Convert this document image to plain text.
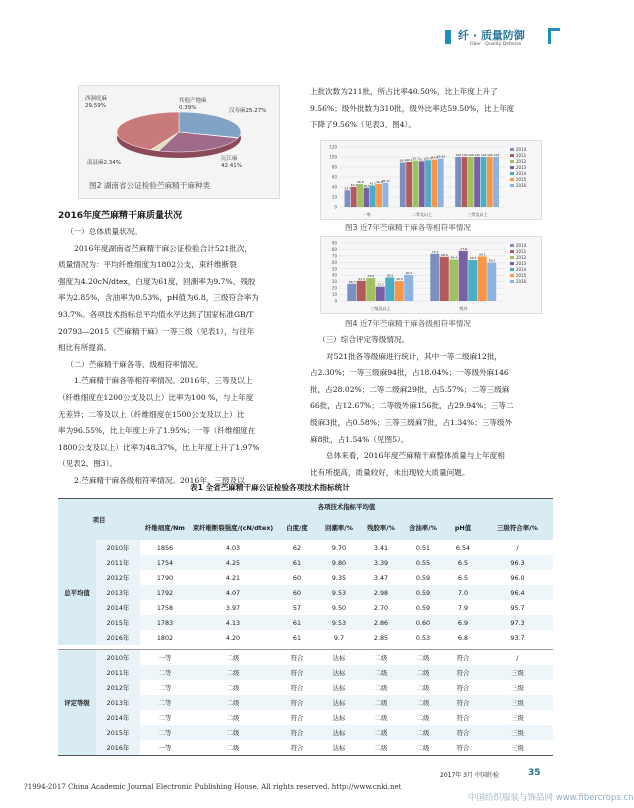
纤 · 质量防御
Fiber · Quality Defense
西洞庭麻
29.59%
其他产地麻
0.39%	汉寿麻25.27%
南县麻2.34%
沅江麻
42.41%
图2 湖南省公证检验苎麻精干麻种类
2016年度苎麻精干麻质量状况

（一）总体质量状况。

2016年度湖南省苎麻精干麻公证检验合计521批次，

质量情况为：平均纤维细度为1802公支，束纤维断裂

强度为4.20cN/dtex，白度为61度，回潮率为9.7%，残胶

率为2.85%，含油率为0.53%，pH值为6.8，三级符合率为

93.7%。各项技术指标总平均值水平达到了国家标准GB/T

20793—2015《苎麻精干麻》一等三级（见表1），与往年

相比有所提高。

（二）苎麻精干麻各等、级相符率情况。

1.苎麻精干麻各等相符率情况。2016年，三等及以上

（纤维细度在1200公支及以上）比率为100 %，与上年度

无差异；二等及以上（纤维细度在1500公支及以上）比

率为96.55%，比上年度上升了1.95%；一等（纤维细度在

1800公支及以上）比率为48.37%，比上年度上升了1.97%

（见表2、图3）。

2.苎麻精干麻各级相符率情况。2016年，三级及以

上批次数为211批，所占比率40.50%，比上年度上升了

9.56%；级外批数为310批，级外比率达59.50%，比上年度

下降了9.56%（见表3、图4）。

0
20
40
60
80
100
120
33.4
40.2
45.8
38.5
43.1 46.4
48.37
一等
88.9 90.1 92.7 91.3 93.4 94.6
96.55
二等及以上
100 100 100 100 100 100 100
三等及以上
2010
2011
2012
2013
2014
2015
2016
图3 近7年苎麻精干麻各等相符率情况
0
10
20
30
40
50
60
70
80
90
26.7
31.4
35.6
22.2
36.5
30.9
40.5
三级及以上
73.3
68.6
64.4
77.8
63.5
69.1
59.5
级外
2010
2011
2012
2013
2014
2015
2016
图4 近7年苎麻精干麻各级相符率情况

（三）综合评定等级情况。

对521批各等级麻进行统计，其中一等二级麻12批，

占2.30%；一等三级麻94批，占18.04%；一等级外麻146

批，占28.02%；二等二级麻29批，占5.57%；二等三级麻

66批，占12.67%；二等级外麻156批，占29.94%；三等二

级麻3批，占0.58%；三等三级麻7批，占1.34%；三等级外

麻8批，占1.54%（见图5）。

总体来看，2016年度苎麻精干麻整体质量与上年度相

比有所提高，质量较好，未出现较大质量问题。

表1 全省苎麻精干麻公证检验各项技术指标统计
项目		各项技术指标平均值							
		纤维细度/Nm	束纤维断裂强度/(cN/dtex)	白度/度	回潮率/%	残胶率/%	含油率/%	pH值	三级符合率/%
总平均值	2010年	1856	4.03	62	9.70	3.41	0.51	6.54	/
	2011年	1754	4.25	61	9.80	3.39	0.55	6.5	96.3
	2012年	1790	4.21	60	9.35	3.47	0.59	6.5	96.0
	2013年	1792	4.07	60	9.53	2.98	0.59	7.0	96.4
	2014年	1758	3.97	57	9.50	2.70	0.59	7.9	95.7
	2015年	1783	4.13	61	9.53	2.86	0.60	6.9	97.3
	2016年	1802	4.20	61	9.7	2.85	0.53	6.8	93.7

评定等级	2010年	一等	二级	符合	达标	二级	二级	符合	/
	2011年	二等	二级	符合	达标	二级	二级	符合	三级
	2012年	二等	二级	符合	达标	二级	二级	符合	三级
	2013年	二等	二级	符合	达标	二级	二级	符合	三级
	2014年	二等	二级	符合	达标	二级	二级	符合	三级
	2015年	二等	二级	符合	达标	二级	二级	符合	三级
	2016年	一等	二级	符合	达标	二级	二级	符合	三级
2017年 3月 中国纤检	35
?1994-2017 China Academic Journal Electronic Publishing House. All rights reserved. http://www.cnki.net
中国纺织服装与饰品网 www.fibercrops.cn
